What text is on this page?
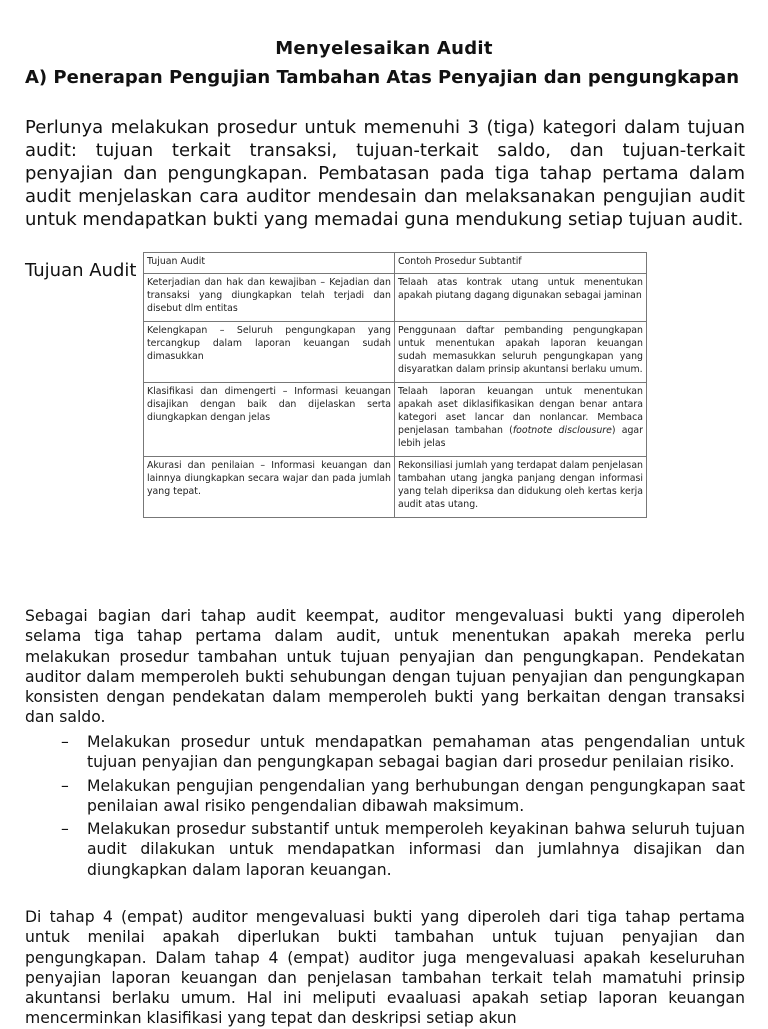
Menyelesaikan Audit
A) Penerapan Pengujian Tambahan Atas Penyajian dan pengungkapan

Perlunya melakukan prosedur untuk memenuhi 3 (tiga) kategori dalam tujuan audit: tujuan terkait transaksi, tujuan-terkait saldo, dan tujuan-terkait penyajian dan pengungkapan. Pembatasan pada tiga tahap pertama dalam audit menjelaskan cara auditor mendesain dan melaksanakan pengujian audit untuk mendapatkan bukti yang memadai guna mendukung setiap tujuan audit.

Tujuan Audit Tujuan Audit	Contoh Prosedur Subtantif
Keterjadian dan hak dan kewajiban – Kejadian dan transaksi yang diungkapkan telah terjadi dan disebut dlm entitas	Telaah atas kontrak utang untuk menentukan apakah piutang dagang digunakan sebagai jaminan
Kelengkapan – Seluruh pengungkapan yang tercangkup dalam laporan keuangan sudah dimasukkan	Penggunaan daftar pembanding pengungkapan untuk menentukan apakah laporan keuangan sudah memasukkan seluruh pengungkapan yang disyaratkan dalam prinsip akuntansi berlaku umum.
Klasifikasi dan dimengerti – Informasi keuangan disajikan dengan baik dan dijelaskan serta diungkapkan dengan jelas	Telaah laporan keuangan untuk menentukan apakah aset diklasifikasikan dengan benar antara kategori aset lancar dan nonlancar. Membaca penjelasan tambahan (footnote disclousure) agar lebih jelas
Akurasi dan penilaian – Informasi keuangan dan lainnya diungkapkan secara wajar dan pada jumlah yang tepat.	Rekonsiliasi jumlah yang terdapat dalam penjelasan tambahan utang jangka panjang dengan informasi yang telah diperiksa dan didukung oleh kertas kerja audit atas utang.

Sebagai bagian dari tahap audit keempat, auditor mengevaluasi bukti yang diperoleh selama tiga tahap pertama dalam audit, untuk menentukan apakah mereka perlu melakukan prosedur tambahan untuk tujuan penyajian dan pengungkapan. Pendekatan auditor dalam memperoleh bukti sehubungan dengan tujuan penyajian dan pengungkapan konsisten dengan pendekatan dalam memperoleh bukti yang berkaitan dengan transaksi dan saldo.

– Melakukan prosedur untuk mendapatkan pemahaman atas pengendalian untuk tujuan penyajian dan pengungkapan sebagai bagian dari prosedur penilaian risiko.
– Melakukan pengujian pengendalian yang berhubungan dengan pengungkapan saat penilaian awal risiko pengendalian dibawah maksimum.
– Melakukan prosedur substantif untuk memperoleh keyakinan bahwa seluruh tujuan audit dilakukan untuk mendapatkan informasi dan jumlahnya disajikan dan diungkapkan dalam laporan keuangan.

Di tahap 4 (empat) auditor mengevaluasi bukti yang diperoleh dari tiga tahap pertama untuk menilai apakah diperlukan bukti tambahan untuk tujuan penyajian dan pengungkapan. Dalam tahap 4 (empat) auditor juga mengevaluasi apakah keseluruhan penyajian laporan keuangan dan penjelasan tambahan terkait telah mamatuhi prinsip akuntansi berlaku umum. Hal ini meliputi evaaluasi apakah setiap laporan keuangan mencerminkan klasifikasi yang tepat dan deskripsi setiap akun
